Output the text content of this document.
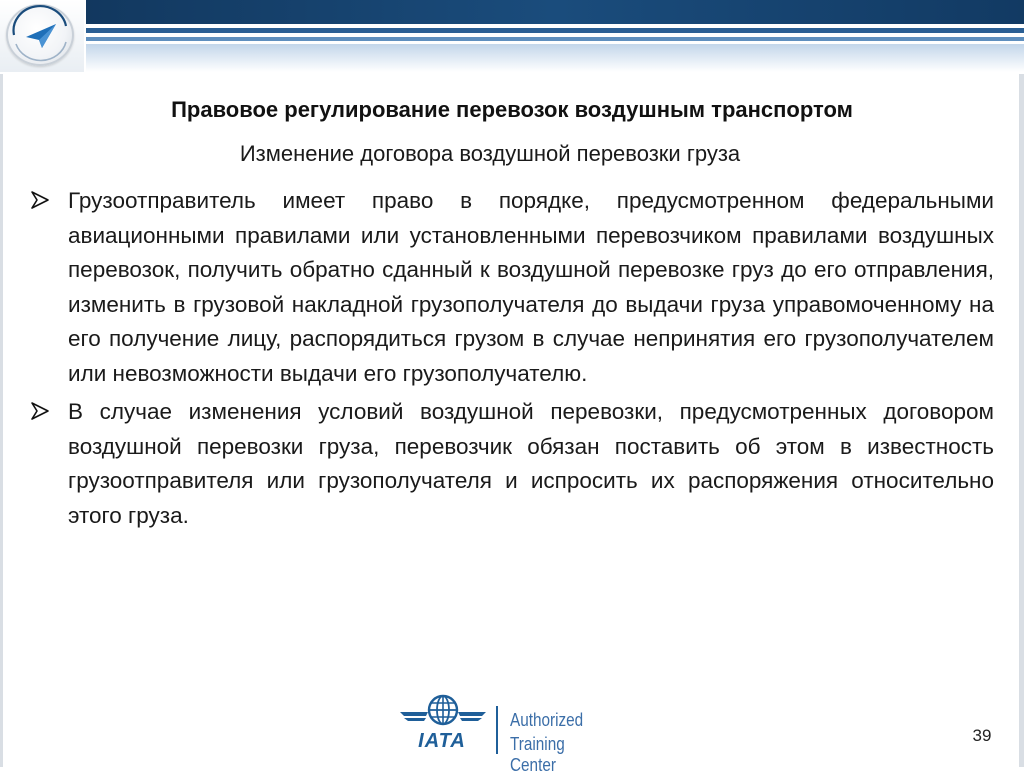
Правовое регулирование перевозок воздушным транспортом
Изменение договора воздушной перевозки груза

Грузоотправитель имеет право в порядке, предусмотренном федеральными авиационными правилами или установленными перевозчиком правилами воздушных перевозок, получить обратно сданный к воздушной перевозке груз до его отправления, изменить в грузовой накладной грузополучателя до выдачи груза управомоченному на его получение лицу, распорядиться грузом в случае непринятия его грузополучателем или невозможности выдачи его грузополучателю.

В случае изменения условий воздушной перевозки, предусмотренных договором воздушной перевозки груза, перевозчик обязан поставить об этом в известность грузоотправителя или грузополучателя и испросить их распоряжения относительно этого груза.

IATA
Authorized
Training Center
39
